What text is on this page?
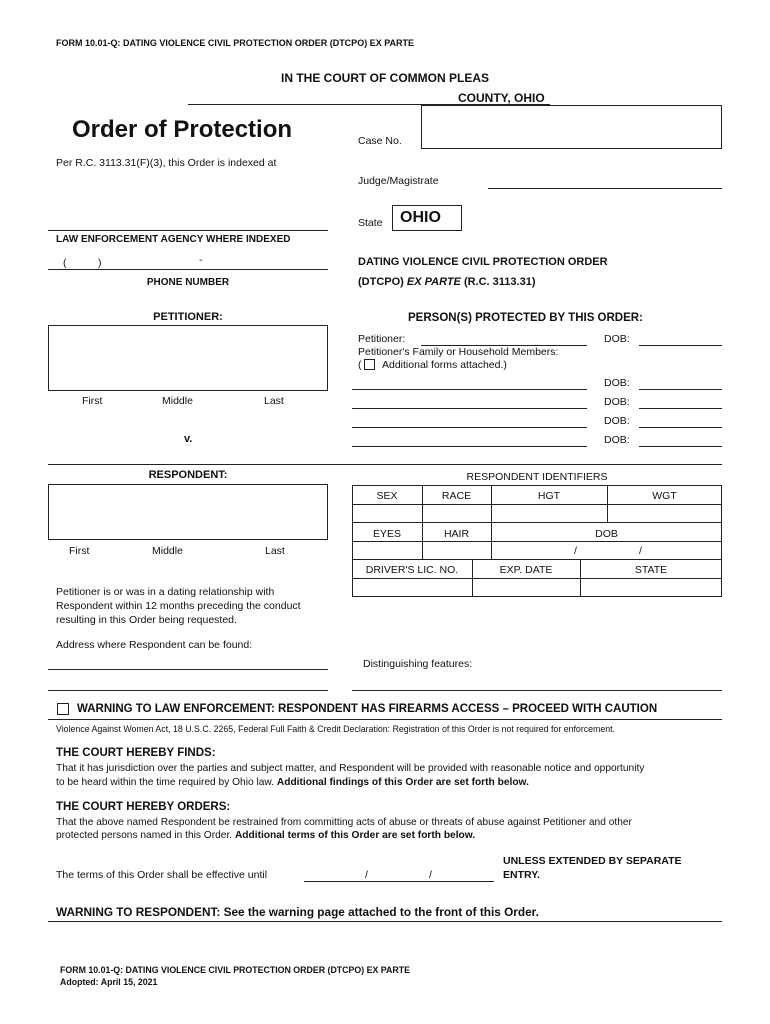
FORM 10.01-Q: DATING VIOLENCE CIVIL PROTECTION ORDER (DTCPO) EX PARTE
IN THE COURT OF COMMON PLEAS
COUNTY, OHIO
Order of Protection
Per R.C. 3113.31(F)(3), this Order is indexed at
Case No.
Judge/Magistrate
State OHIO
LAW ENFORCEMENT AGENCY WHERE INDEXED
(	)	-
PHONE NUMBER
DATING VIOLENCE CIVIL PROTECTION ORDER
(DTCPO) EX PARTE (R.C. 3113.31)
PETITIONER:
First	Middle	Last
v.
RESPONDENT:
First	Middle	Last
PERSON(S) PROTECTED BY THIS ORDER:
Petitioner:	DOB:
Petitioner's Family or Household Members:
( Additional forms attached.)
DOB:
DOB:
DOB:
DOB:
RESPONDENT IDENTIFIERS
SEX	RACE	HGT	WGT
EYES	HAIR	DOB
/	/
DRIVER'S LIC. NO.	EXP. DATE	STATE
Petitioner is or was in a dating relationship with
Respondent within 12 months preceding the conduct
resulting in this Order being requested.
Address where Respondent can be found:
Distinguishing features:
WARNING TO LAW ENFORCEMENT: RESPONDENT HAS FIREARMS ACCESS – PROCEED WITH CAUTION
Violence Against Women Act, 18 U.S.C. 2265, Federal Full Faith & Credit Declaration: Registration of this Order is not required for enforcement.
THE COURT HEREBY FINDS:
That it has jurisdiction over the parties and subject matter, and Respondent will be provided with reasonable notice and opportunity
to be heard within the time required by Ohio law. Additional findings of this Order are set forth below.
THE COURT HEREBY ORDERS:
That the above named Respondent be restrained from committing acts of abuse or threats of abuse against Petitioner and other
protected persons named in this Order. Additional terms of this Order are set forth below.
The terms of this Order shall be effective until	/	/
UNLESS EXTENDED BY SEPARATE
ENTRY.
WARNING TO RESPONDENT: See the warning page attached to the front of this Order.
FORM 10.01-Q: DATING VIOLENCE CIVIL PROTECTION ORDER (DTCPO) EX PARTE
Adopted: April 15, 2021
